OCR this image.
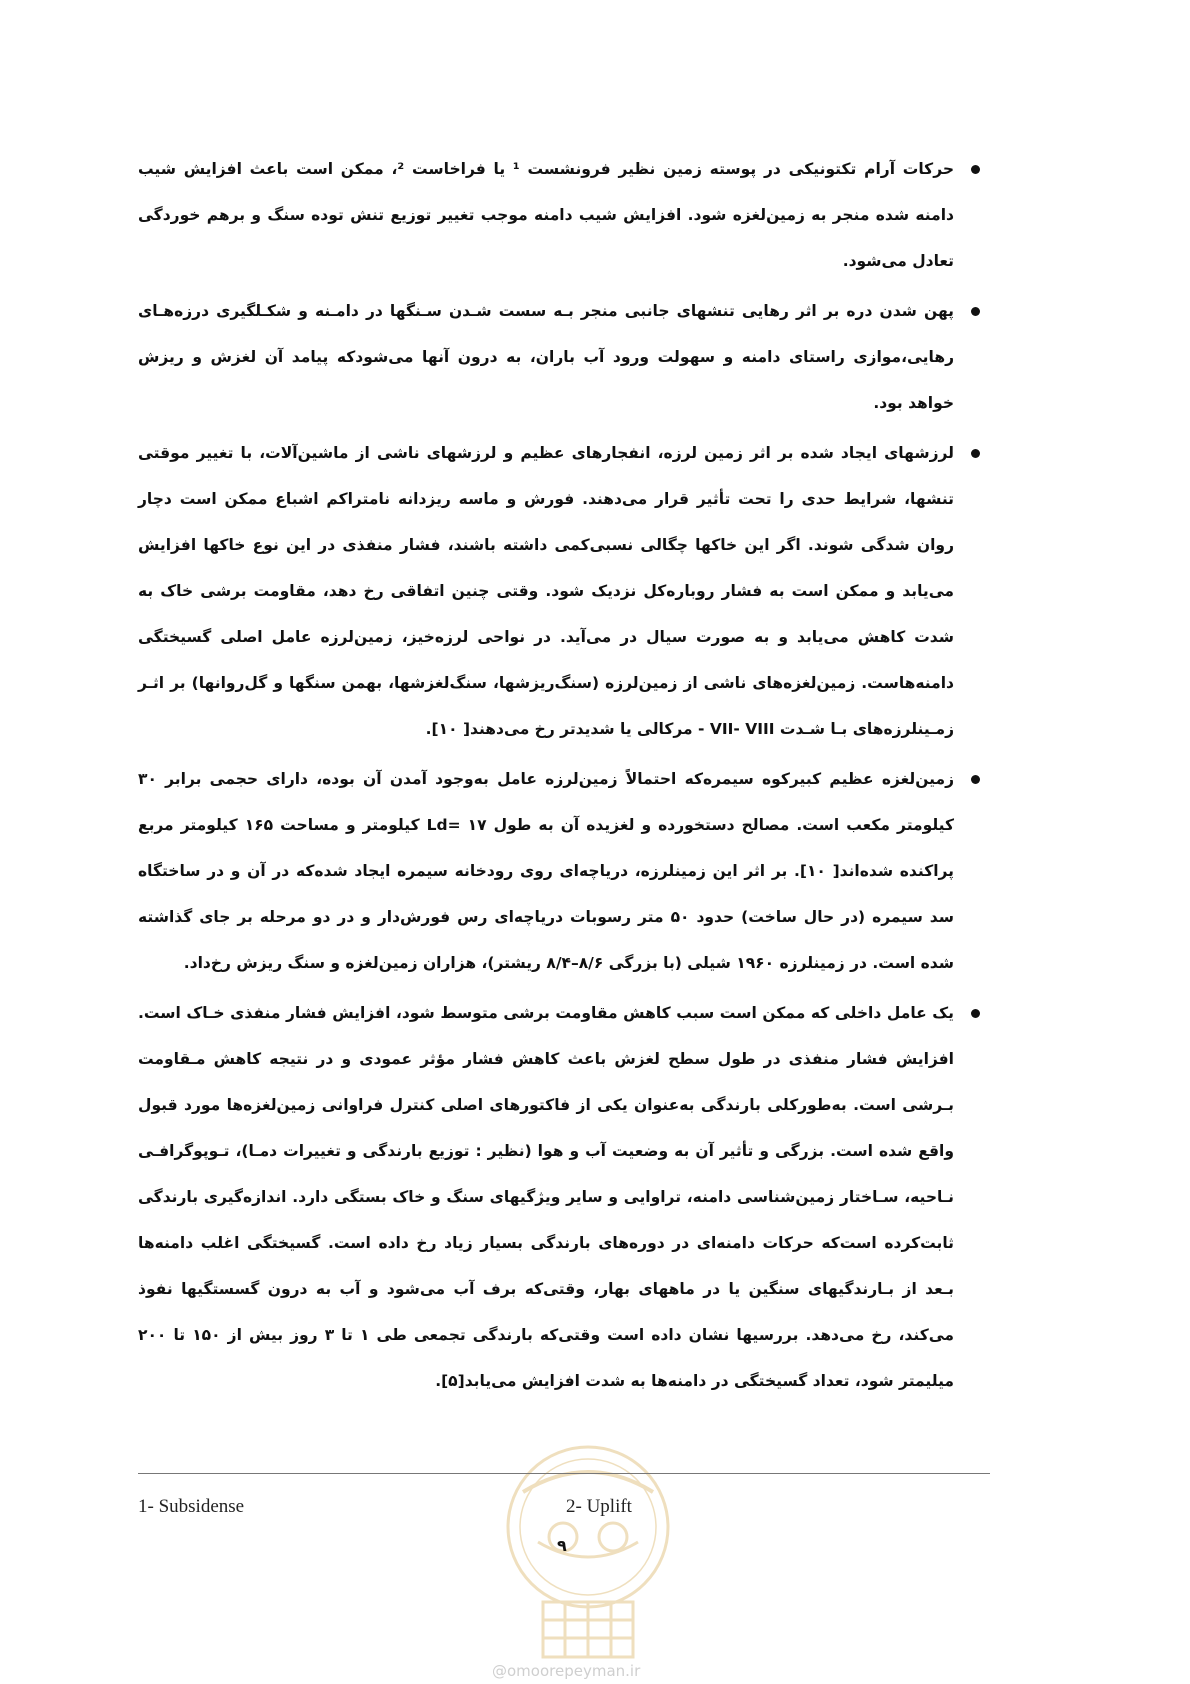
حرکات آرام تکتونیکی در پوسته زمین نظیر فرونشست ¹ یا فراخاست ²، ممکن است باعث افزایش شیب دامنه شده منجر به زمین‌لغزه شود. افزایش شیب دامنه موجب تغییر توزیع تنش توده سنگ و برهم خوردگی تعادل می‌شود.
پهن شدن دره بر اثر رهایی تنشهای جانبی منجر بـه سست شـدن سـنگها در دامـنه و شکـلگیری درزه‌هـای رهایی،موازی راستای دامنه و سهولت ورود آب باران، به درون آنها می‌شودکه پیامد آن لغزش و ریزش خواهد بود.
لرزشهای ایجاد شده بر اثر زمین لرزه، انفجارهای عظیم و لرزشهای ناشی از ماشین‌آلات، با تغییر موقتی تنشها، شرایط حدی را تحت تأثیر قرار می‌دهند. فورش و ماسه ریزدانه نامتراکم اشباع ممکن است دچار روان شدگی شوند. اگر این خاکها چگالی نسبی‌کمی داشته باشند، فشار منفذی در این نوع خاکها افزایش می‌یابد و ممکن است به فشار روباره‌کل نزدیک شود. وقتی چنین اتفاقی رخ دهد، مقاومت برشی خاک به شدت کاهش می‌یابد و به صورت سیال در می‌آید. در نواحی لرزه‌خیز، زمین‌لرزه عامل اصلی گسیختگی دامنه‌هاست. زمین‌لغزه‌های ناشی از زمین‌لرزه (سنگ‌ریزشها، سنگ‌لغزشها، بهمن سنگها و گل‌روانها) بر اثـر زمـینلرزه‌های بـا شـدت VII- VIII - مرکالی یا شدیدتر رخ می‌دهند[ ۱۰].
زمین‌لغزه عظیم کبیرکوه سیمره‌که احتمالاً زمین‌لرزه عامل به‌وجود آمدن آن بوده، دارای حجمی برابر ۳۰ کیلومتر مکعب است. مصالح دستخورده و لغزیده آن به طول Ld= ۱۷ کیلومتر و مساحت ۱۶۵ کیلومتر مربع پراکنده شده‌اند[ ۱۰]. بر اثر این زمینلرزه، دریاچه‌ای روی رودخانه سیمره ایجاد شده‌که در آن و در ساختگاه سد سیمره (در حال ساخت) حدود ۵۰ متر رسوبات دریاچه‌ای رس فورش‌دار و در دو مرحله بر جای گذاشته شده است. در زمینلرزه ۱۹۶۰ شیلی (با بزرگی ۸/۶–۸/۴ ریشتر)، هزاران زمین‌لغزه و سنگ ریزش رخ‌داد.
یک عامل داخلی که ممکن است سبب کاهش مقاومت برشی متوسط شود، افزایش فشار منفذی خـاک است. افزایش فشار منفذی در طول سطح لغزش باعث کاهش فشار مؤثر عمودی و در نتیجه کاهش مـقاومت بـرشی است. به‌طورکلی بارندگی به‌عنوان یکی از فاکتورهای اصلی کنترل فراوانی زمین‌لغزه‌ها مورد قبول واقع شده است. بزرگی و تأثیر آن به وضعیت آب و هوا (نظیر : توزیع بارندگی و تغییرات دمـا)، تـوپوگرافـی نـاحیه، سـاختار زمین‌شناسی دامنه، تراوایی و سایر ویژگیهای سنگ و خاک بستگی دارد. اندازه‌گیری بارندگی ثابت‌کرده است‌که حرکات دامنه‌ای در دوره‌های بارندگی بسیار زیاد رخ داده است. گسیختگی اغلب دامنه‌ها بـعد از بـارندگیهای سنگین یا در ماههای بهار، وقتی‌که برف آب می‌شود و آب به درون گسستگیها نفوذ می‌کند، رخ می‌دهد. بررسیها نشان داده است وقتی‌که بارندگی تجمعی طی ۱ تا ۳ روز بیش از ۱۵۰ تا ۲۰۰ میلیمتر شود، تعداد گسیختگی در دامنه‌ها به شدت افزایش می‌یابد[۵].
1- Subsidense	2- Uplift
۹
@omoorepeyman.ir
